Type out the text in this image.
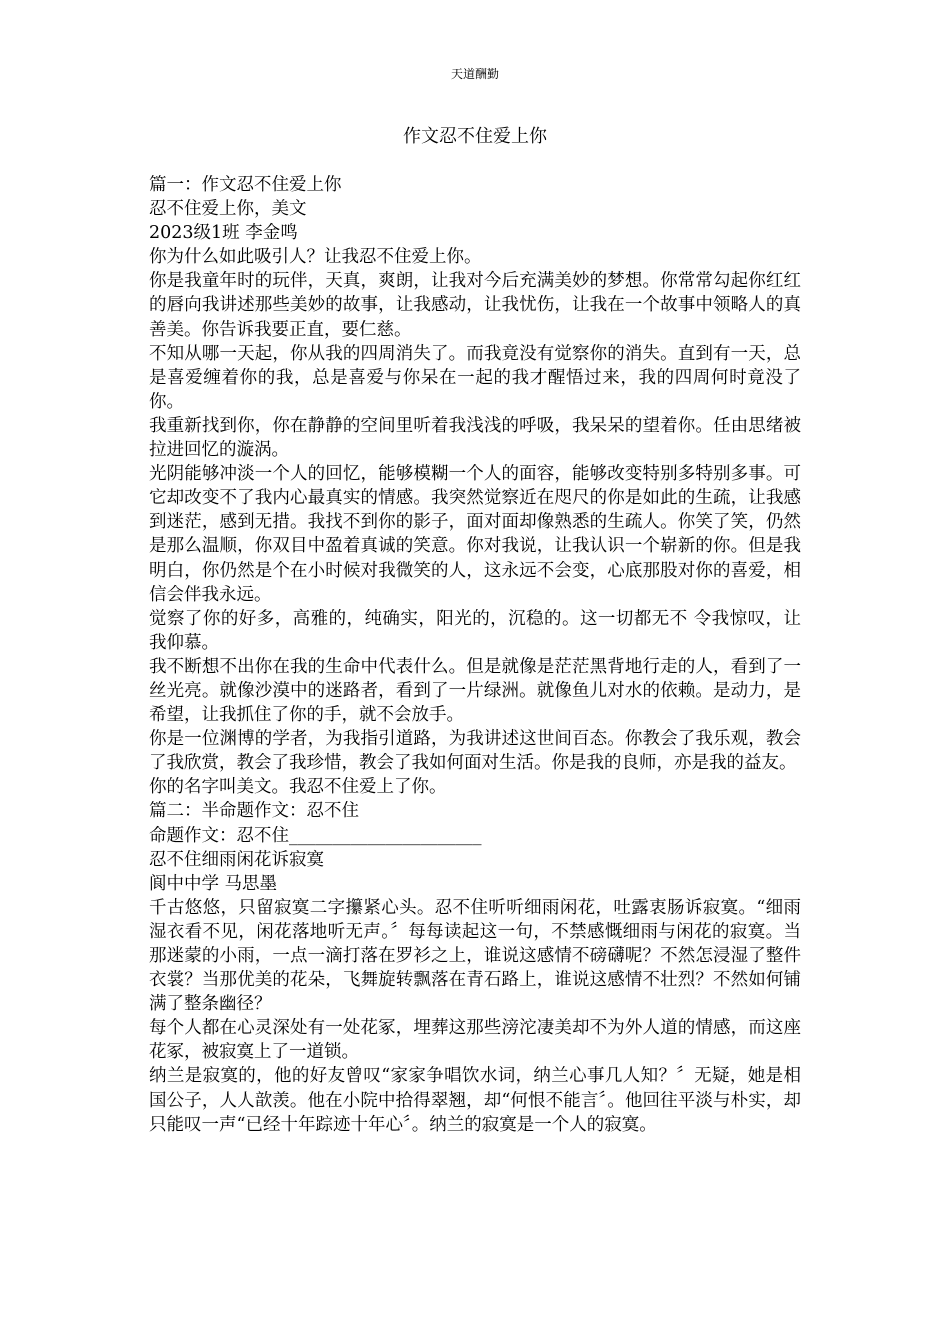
天道酬勤
作文忍不住爱上你

篇一：作文忍不住爱上你

忍不住爱上你，美文

2023级1班 李金鸣

你为什么如此吸引人？让我忍不住爱上你。

你是我童年时的玩伴，天真，爽朗，让我对今后充满美妙的梦想。你常常勾起你红红的唇向我讲述那些美妙的故事，让我感动，让我忧伤，让我在一个故事中领略人的真善美。你告诉我要正直，要仁慈。

不知从哪一天起，你从我的四周消失了。而我竟没有觉察你的消失。直到有一天，总是喜爱缠着你的我，总是喜爱与你呆在一起的我才醒悟过来，我的四周何时竟没了你。

我重新找到你，你在静静的空间里听着我浅浅的呼吸，我呆呆的望着你。任由思绪被拉进回忆的漩涡。

光阴能够冲淡一个人的回忆，能够模糊一个人的面容，能够改变特别多特别多事。可它却改变不了我内心最真实的情感。我突然觉察近在咫尺的你是如此的生疏，让我感到迷茫，感到无措。我找不到你的影子，面对面却像熟悉的生疏人。你笑了笑，仍然是那么温顺，你双目中盈着真诚的笑意。你对我说，让我认识一个崭新的你。但是我明白，你仍然是个在小时候对我微笑的人，这永远不会变，心底那股对你的喜爱，相信会伴我永远。

觉察了你的好多，高雅的，纯确实，阳光的，沉稳的。这一切都无不 令我惊叹，让我仰慕。

我不断想不出你在我的生命中代表什么。但是就像是茫茫黑背地行走的人，看到了一丝光亮。就像沙漠中的迷路者，看到了一片绿洲。就像鱼儿对水的依赖。是动力，是希望，让我抓住了你的手，就不会放手。

你是一位渊博的学者，为我指引道路，为我讲述这世间百态。你教会了我乐观，教会了我欣赏，教会了我珍惜，教会了我如何面对生活。你是我的良师，亦是我的益友。

你的名字叫美文。我忍不住爱上了你。

篇二：半命题作文：忍不住

命题作文：忍不住______________________

忍不住细雨闲花诉寂寞

阆中中学 马思墨

千古悠悠，只留寂寞二字攥紧心头。忍不住听听细雨闲花，吐露衷肠诉寂寞。“细雨湿衣看不见，闲花落地听无声。〞每每读起这一句，不禁感慨细雨与闲花的寂寞。当那迷蒙的小雨，一点一滴打落在罗衫之上，谁说这感情不磅礴呢？不然怎浸湿了整件衣裳？当那优美的花朵，飞舞旋转飘落在青石路上，谁说这感情不壮烈？不然如何铺满了整条幽径？

每个人都在心灵深处有一处花冢，埋葬这那些滂沱凄美却不为外人道的情感，而这座花冢，被寂寞上了一道锁。

纳兰是寂寞的，他的好友曾叹“家家争唱饮水词，纳兰心事几人知？〞无疑，她是相国公子，人人歆羡。他在小院中拾得翠翘，却“何恨不能言〞。他回往平淡与朴实，却只能叹一声“已经十年踪迹十年心〞。纳兰的寂寞是一个人的寂寞。
